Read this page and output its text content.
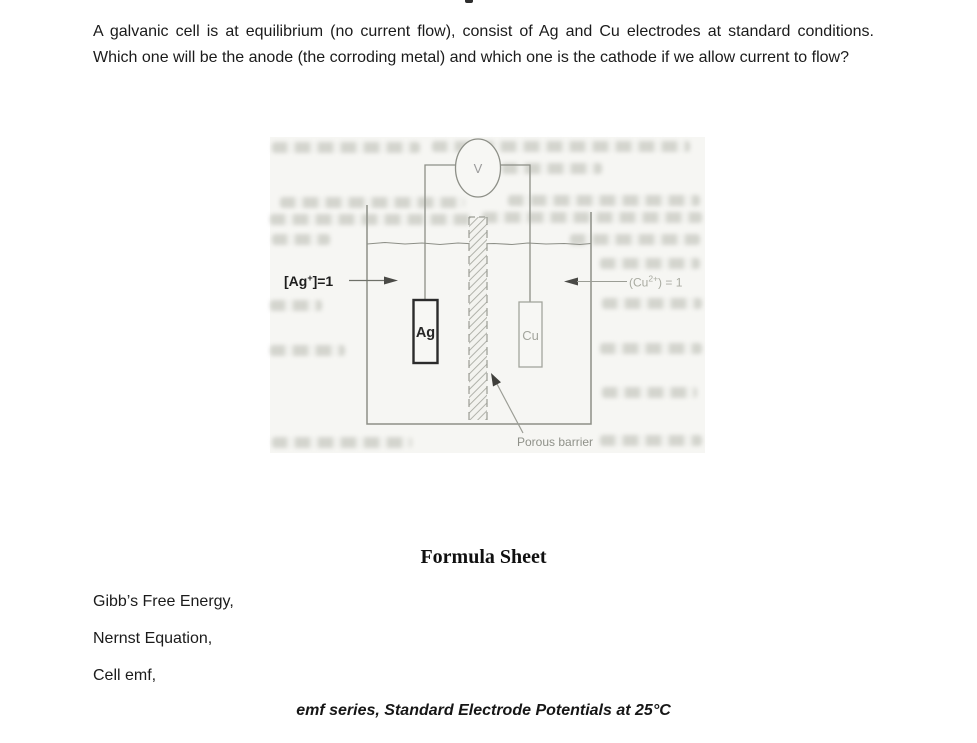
A galvanic cell is at equilibrium (no current flow), consist of Ag and Cu electrodes at standard conditions. Which one will be the anode (the corroding metal) and which one is the cathode if we allow current to flow?

V
Ag	Cu
[Ag+]=1	$(Cu^{2+}) = 1$
Porous barrier
Formula Sheet

Gibb’s Free Energy,

Nernst Equation,

Cell emf,

emf series, Standard Electrode Potentials at 25°C
